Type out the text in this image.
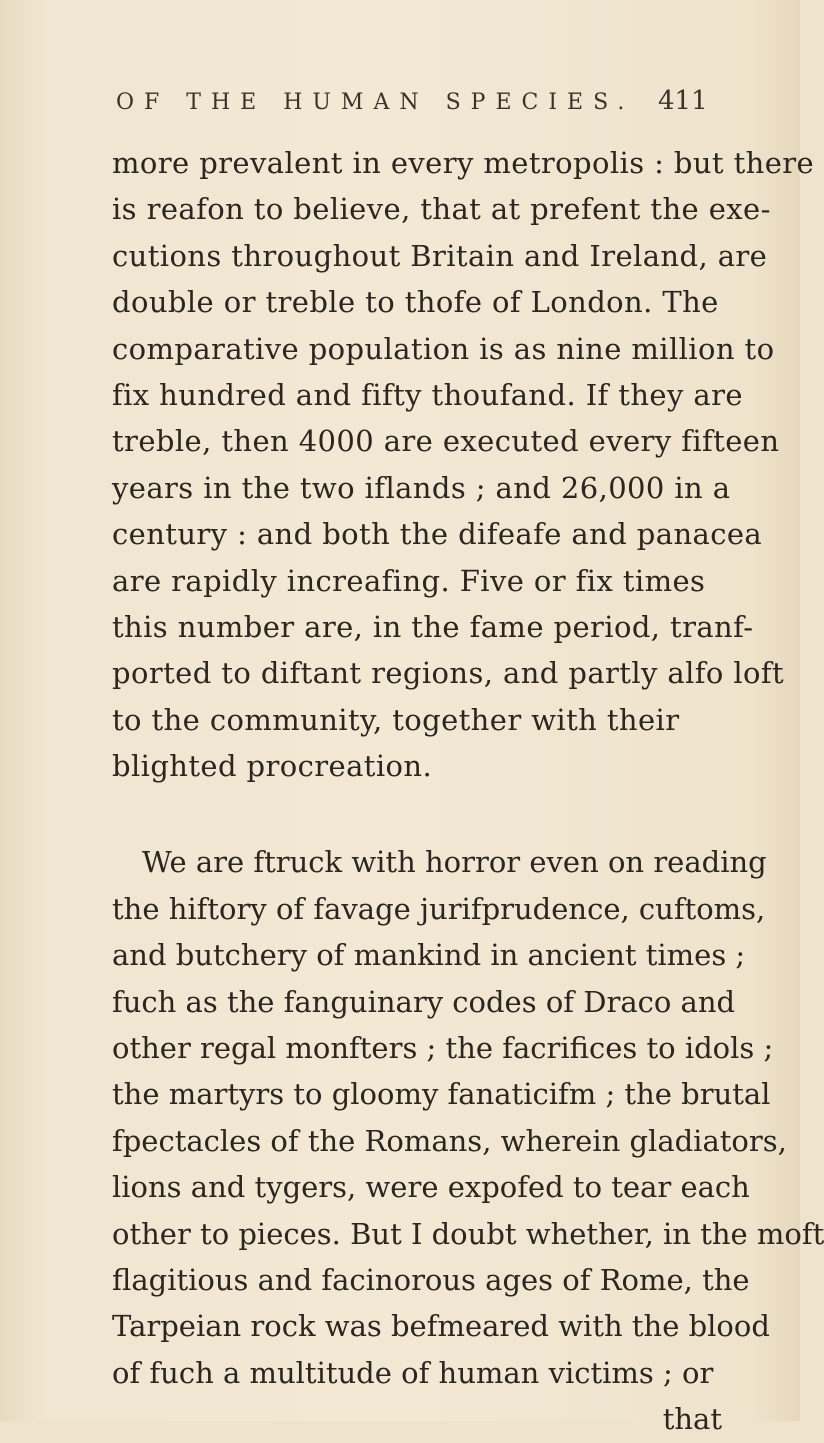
OF THE HUMAN SPECIES. 411
more prevalent in every metropolis : but there
is reafon to believe, that at prefent the exe-
cutions throughout Britain and Ireland, are
double or treble to thofe of London. The
comparative population is as nine million to
fix hundred and fifty thoufand. If they are
treble, then 4000 are executed every fifteen
years in the two iflands ; and 26,000 in a
century : and both the difeafe and panacea
are rapidly increafing. Five or fix times
this number are, in the fame period, tranf-
ported to diftant regions, and partly alfo loft
to the community, together with their
blighted procreation.
We are ftruck with horror even on reading
the hiftory of favage jurifprudence, cuftoms,
and butchery of mankind in ancient times ;
fuch as the fanguinary codes of Draco and
other regal monfters ; the facrifices to idols ;
the martyrs to gloomy fanaticifm ; the brutal
fpectacles of the Romans, wherein gladiators,
lions and tygers, were expofed to tear each
other to pieces. But I doubt whether, in the moft
flagitious and facinorous ages of Rome, the
Tarpeian rock was befmeared with the blood
of fuch a multitude of human victims ; or
that
